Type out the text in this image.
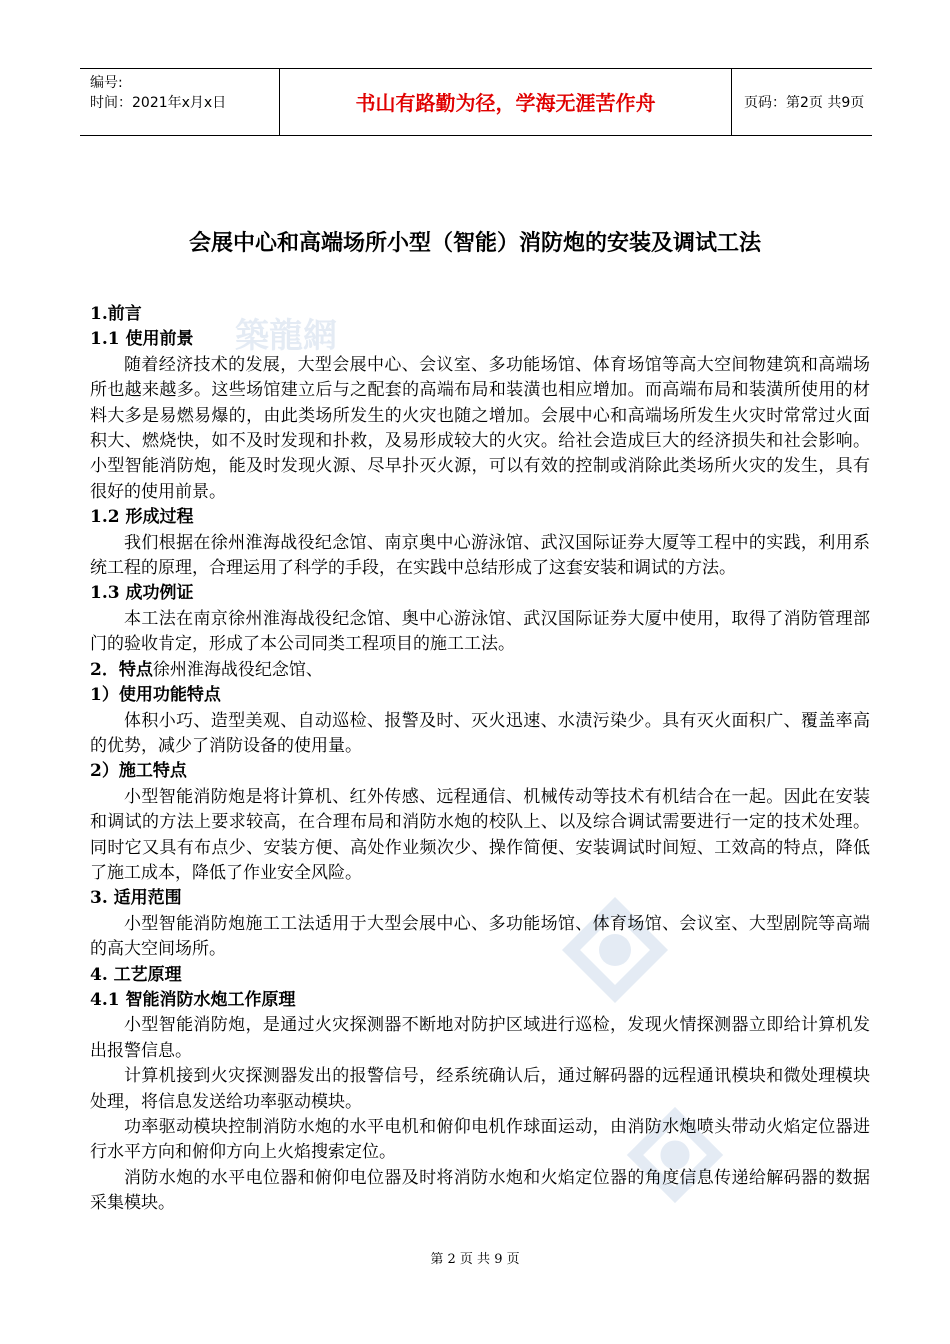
编号:
时间：2021年x月x日	书山有路勤为径，学海无涯苦作舟	页码：第2页 共9页
築龍網
会展中心和高端场所小型（智能）消防炮的安装及调试工法

1.前言

1.1 使用前景

随着经济技术的发展，大型会展中心、会议室、多功能场馆、体育场馆等高大空间物建筑和高端场所也越来越多。这些场馆建立后与之配套的高端布局和装潢也相应增加。而高端布局和装潢所使用的材料大多是易燃易爆的，由此类场所发生的火灾也随之增加。会展中心和高端场所发生火灾时常常过火面积大、燃烧快，如不及时发现和扑救，及易形成较大的火灾。给社会造成巨大的经济损失和社会影响。小型智能消防炮，能及时发现火源、尽早扑灭火源，可以有效的控制或消除此类场所火灾的发生，具有很好的使用前景。

1.2 形成过程

我们根据在徐州淮海战役纪念馆、南京奥中心游泳馆、武汉国际证券大厦等工程中的实践，利用系统工程的原理，合理运用了科学的手段，在实践中总结形成了这套安装和调试的方法。

1.3 成功例证

本工法在南京徐州淮海战役纪念馆、奥中心游泳馆、武汉国际证券大厦中使用，取得了消防管理部门的验收肯定，形成了本公司同类工程项目的施工工法。

2．特点徐州淮海战役纪念馆、

1）使用功能特点

体积小巧、造型美观、自动巡检、报警及时、灭火迅速、水渍污染少。具有灭火面积广、覆盖率高的优势，减少了消防设备的使用量。

2）施工特点

小型智能消防炮是将计算机、红外传感、远程通信、机械传动等技术有机结合在一起。因此在安装和调试的方法上要求较高，在合理布局和消防水炮的校队上、以及综合调试需要进行一定的技术处理。同时它又具有布点少、安装方便、高处作业频次少、操作简便、安装调试时间短、工效高的特点，降低了施工成本，降低了作业安全风险。

3. 适用范围

小型智能消防炮施工工法适用于大型会展中心、多功能场馆、体育场馆、会议室、大型剧院等高端的高大空间场所。

4. 工艺原理

4.1 智能消防水炮工作原理

小型智能消防炮，是通过火灾探测器不断地对防护区域进行巡检，发现火情探测器立即给计算机发出报警信息。

计算机接到火灾探测器发出的报警信号，经系统确认后，通过解码器的远程通讯模块和微处理模块处理，将信息发送给功率驱动模块。

功率驱动模块控制消防水炮的水平电机和俯仰电机作球面运动，由消防水炮喷头带动火焰定位器进行水平方向和俯仰方向上火焰搜索定位。

消防水炮的水平电位器和俯仰电位器及时将消防水炮和火焰定位器的角度信息传递给解码器的数据采集模块。

第 2 页 共 9 页
